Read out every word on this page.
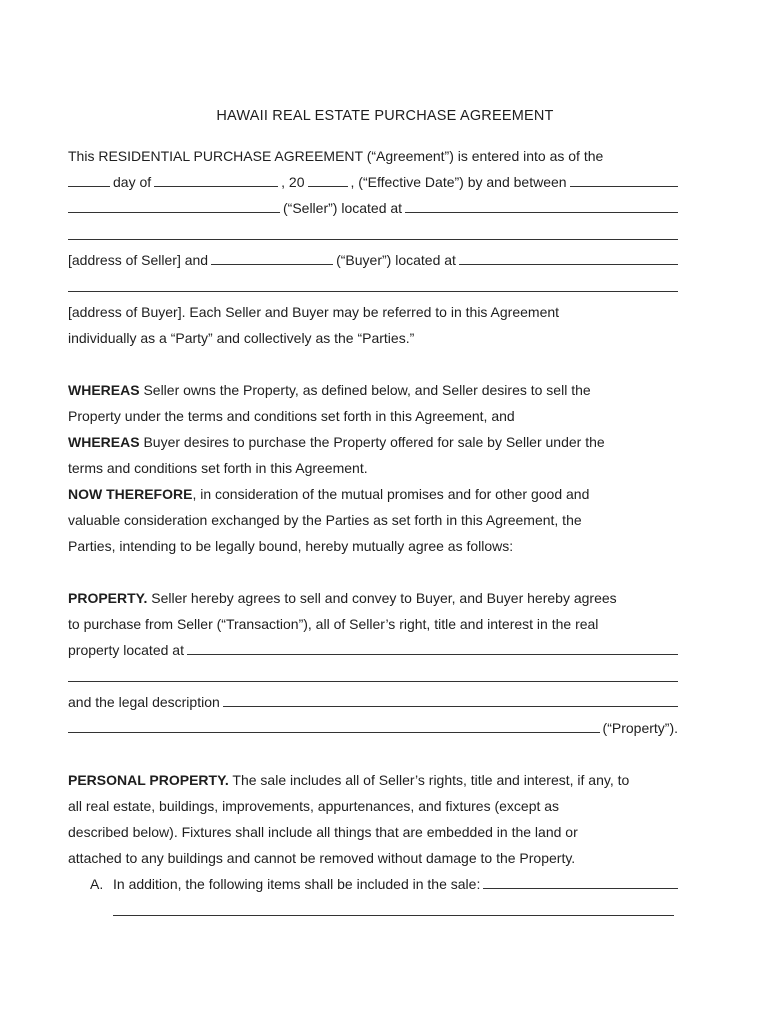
HAWAII REAL ESTATE PURCHASE AGREEMENT
This RESIDENTIAL PURCHASE AGREEMENT (“Agreement”) is entered into as of the
day of	, 20	, (“Effective Date”) by and between
(“Seller”) located at
[address of Seller] and	(“Buyer”) located at
[address of Buyer]. Each Seller and Buyer may be referred to in this Agreement
individually as a “Party” and collectively as the “Parties.”
WHEREAS Seller owns the Property, as defined below, and Seller desires to sell the
Property under the terms and conditions set forth in this Agreement, and
WHEREAS Buyer desires to purchase the Property offered for sale by Seller under the
terms and conditions set forth in this Agreement.
NOW THEREFORE, in consideration of the mutual promises and for other good and
valuable consideration exchanged by the Parties as set forth in this Agreement, the
Parties, intending to be legally bound, hereby mutually agree as follows:
PROPERTY. Seller hereby agrees to sell and convey to Buyer, and Buyer hereby agrees
to purchase from Seller (“Transaction”), all of Seller’s right, title and interest in the real
property located at
and the legal description
(“Property”).
PERSONAL PROPERTY. The sale includes all of Seller’s rights, title and interest, if any, to
all real estate, buildings, improvements, appurtenances, and fixtures (except as
described below). Fixtures shall include all things that are embedded in the land or
attached to any buildings and cannot be removed without damage to the Property.
A. In addition, the following items shall be included in the sale:
